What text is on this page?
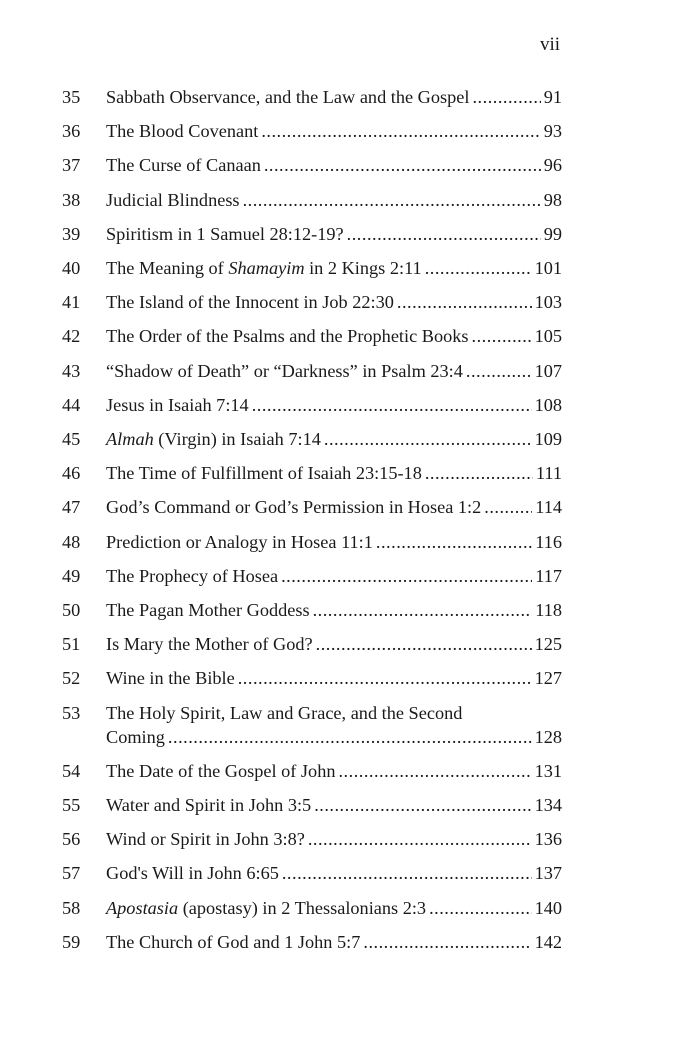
vii
35 Sabbath Observance, and the Law and the Gospel .....	91
36 The Blood Covenant .....	93
37 The Curse of Canaan .....	96
38 Judicial Blindness .....	98
39 Spiritism in 1 Samuel 28:12-19? .....	99
40 The Meaning of Shamayim in 2 Kings 2:11 .....	101
41 The Island of the Innocent in Job 22:30 .....	103
42 The Order of the Psalms and the Prophetic Books .....	105
43 “Shadow of Death” or “Darkness” in Psalm 23:4 .....	107
44 Jesus in Isaiah 7:14 .....	108
45 Almah (Virgin) in Isaiah 7:14 .....	109
46 The Time of Fulfillment of Isaiah 23:15-18 .....	111
47 God’s Command or God’s Permission in Hosea 1:2 .....	114
48 Prediction or Analogy in Hosea 11:1 .....	116
49 The Prophecy of Hosea .....	117
50 The Pagan Mother Goddess .....	118
51 Is Mary the Mother of God? .....	125
52 Wine in the Bible .....	127
53 The Holy Spirit, Law and Grace, and the Second
Coming .....	128
54 The Date of the Gospel of John .....	131
55 Water and Spirit in John 3:5 .....	134
56 Wind or Spirit in John 3:8? .....	136
57 God's Will in John 6:65 .....	137
58 Apostasia (apostasy) in 2 Thessalonians 2:3 .....	140
59 The Church of God and 1 John 5:7 .....	142
